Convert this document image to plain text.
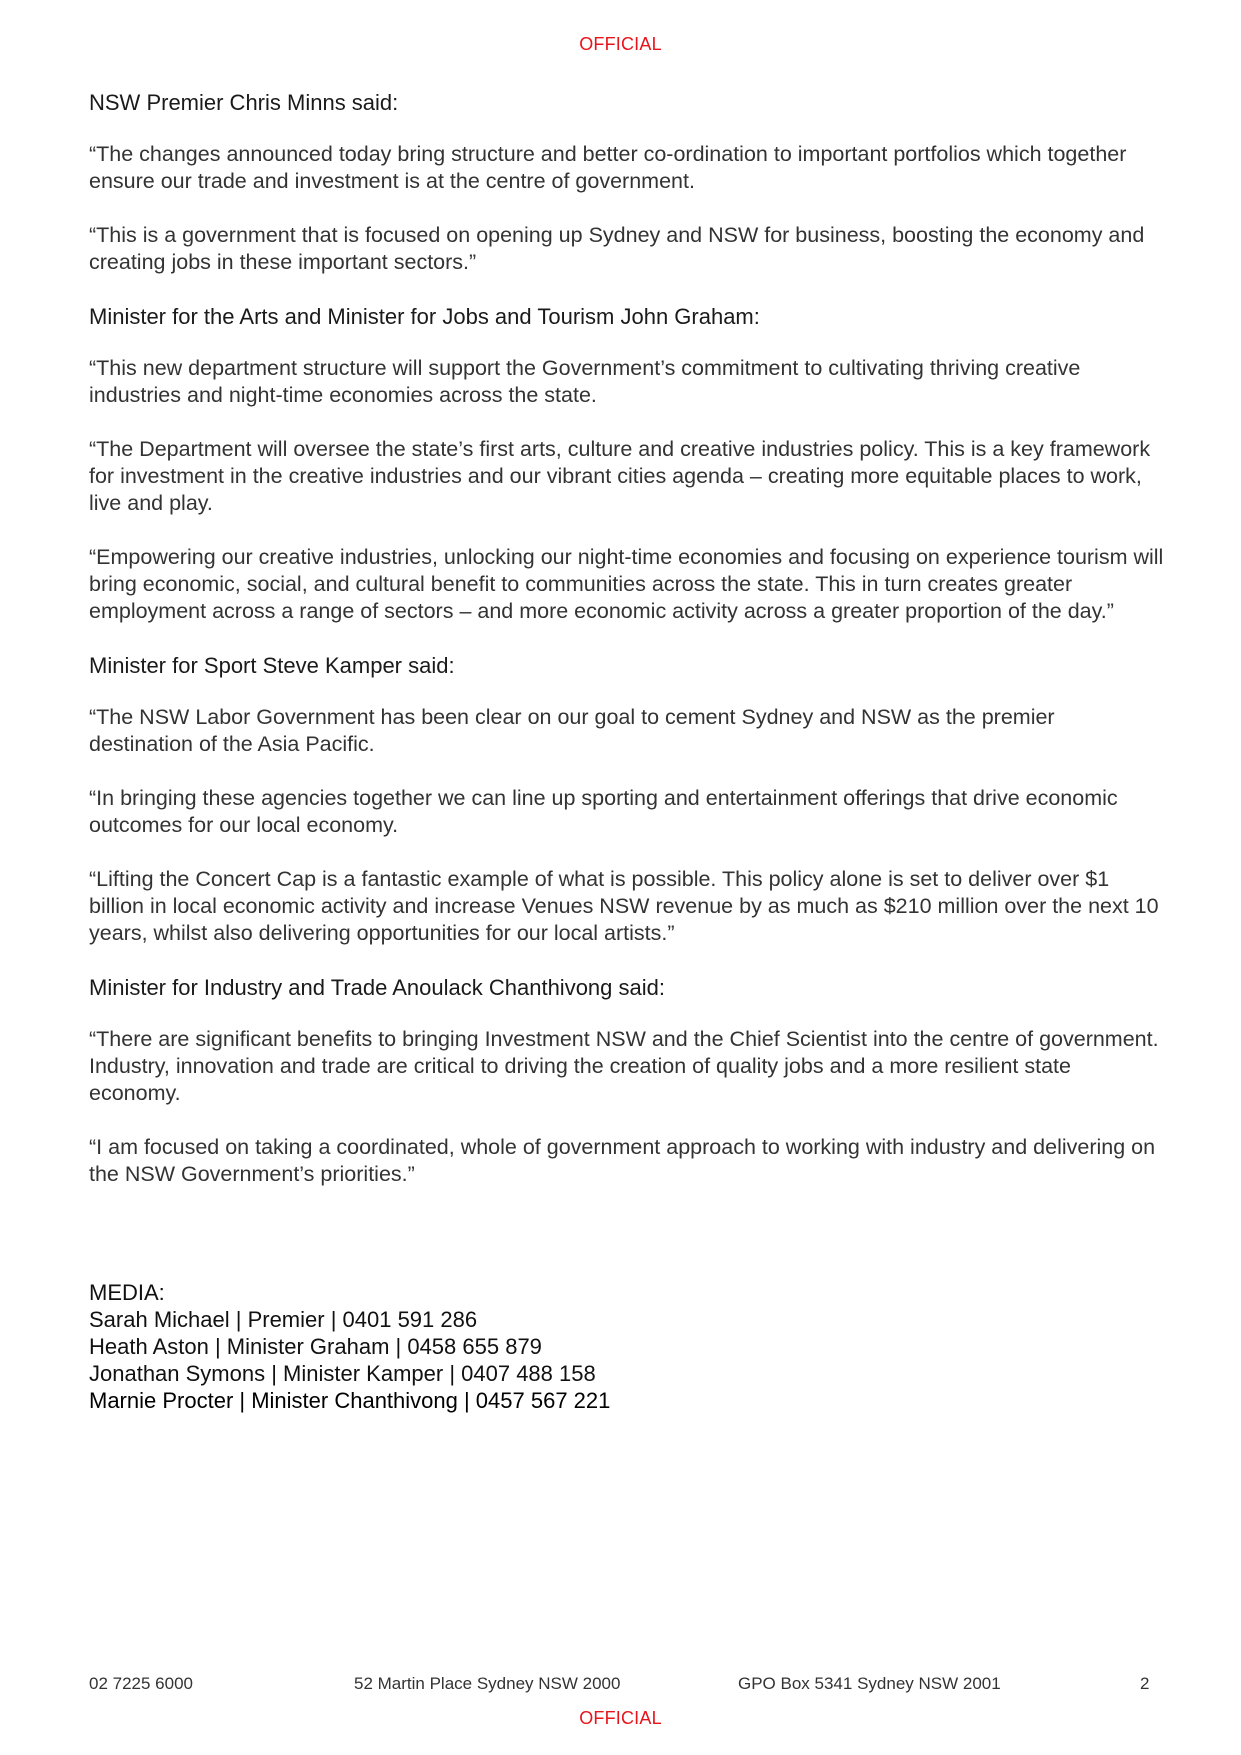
OFFICIAL
NSW Premier Chris Minns said:

“The changes announced today bring structure and better co-ordination to important portfolios which together ensure our trade and investment is at the centre of government.

“This is a government that is focused on opening up Sydney and NSW for business, boosting the economy and creating jobs in these important sectors.”

Minister for the Arts and Minister for Jobs and Tourism John Graham:

“This new department structure will support the Government’s commitment to cultivating thriving creative industries and night-time economies across the state.

“The Department will oversee the state’s first arts, culture and creative industries policy. This is a key framework for investment in the creative industries and our vibrant cities agenda – creating more equitable places to work, live and play.

“Empowering our creative industries, unlocking our night-time economies and focusing on experience tourism will bring economic, social, and cultural benefit to communities across the state. This in turn creates greater employment across a range of sectors – and more economic activity across a greater proportion of the day.”

Minister for Sport Steve Kamper said:

“The NSW Labor Government has been clear on our goal to cement Sydney and NSW as the premier destination of the Asia Pacific.

“In bringing these agencies together we can line up sporting and entertainment offerings that drive economic outcomes for our local economy.

“Lifting the Concert Cap is a fantastic example of what is possible. This policy alone is set to deliver over $1 billion in local economic activity and increase Venues NSW revenue by as much as $210 million over the next 10 years, whilst also delivering opportunities for our local artists.”

Minister for Industry and Trade Anoulack Chanthivong said:

“There are significant benefits to bringing Investment NSW and the Chief Scientist into the centre of government. Industry, innovation and trade are critical to driving the creation of quality jobs and a more resilient state economy.

“I am focused on taking a coordinated, whole of government approach to working with industry and delivering on the NSW Government’s priorities.”

MEDIA:
Sarah Michael | Premier | 0401 591 286
Heath Aston | Minister Graham | 0458 655 879
Jonathan Symons | Minister Kamper | 0407 488 158
Marnie Procter | Minister Chanthivong | 0457 567 221
02 7225 6000	52 Martin Place Sydney NSW 2000	GPO Box 5341 Sydney NSW 2001	2
OFFICIAL
